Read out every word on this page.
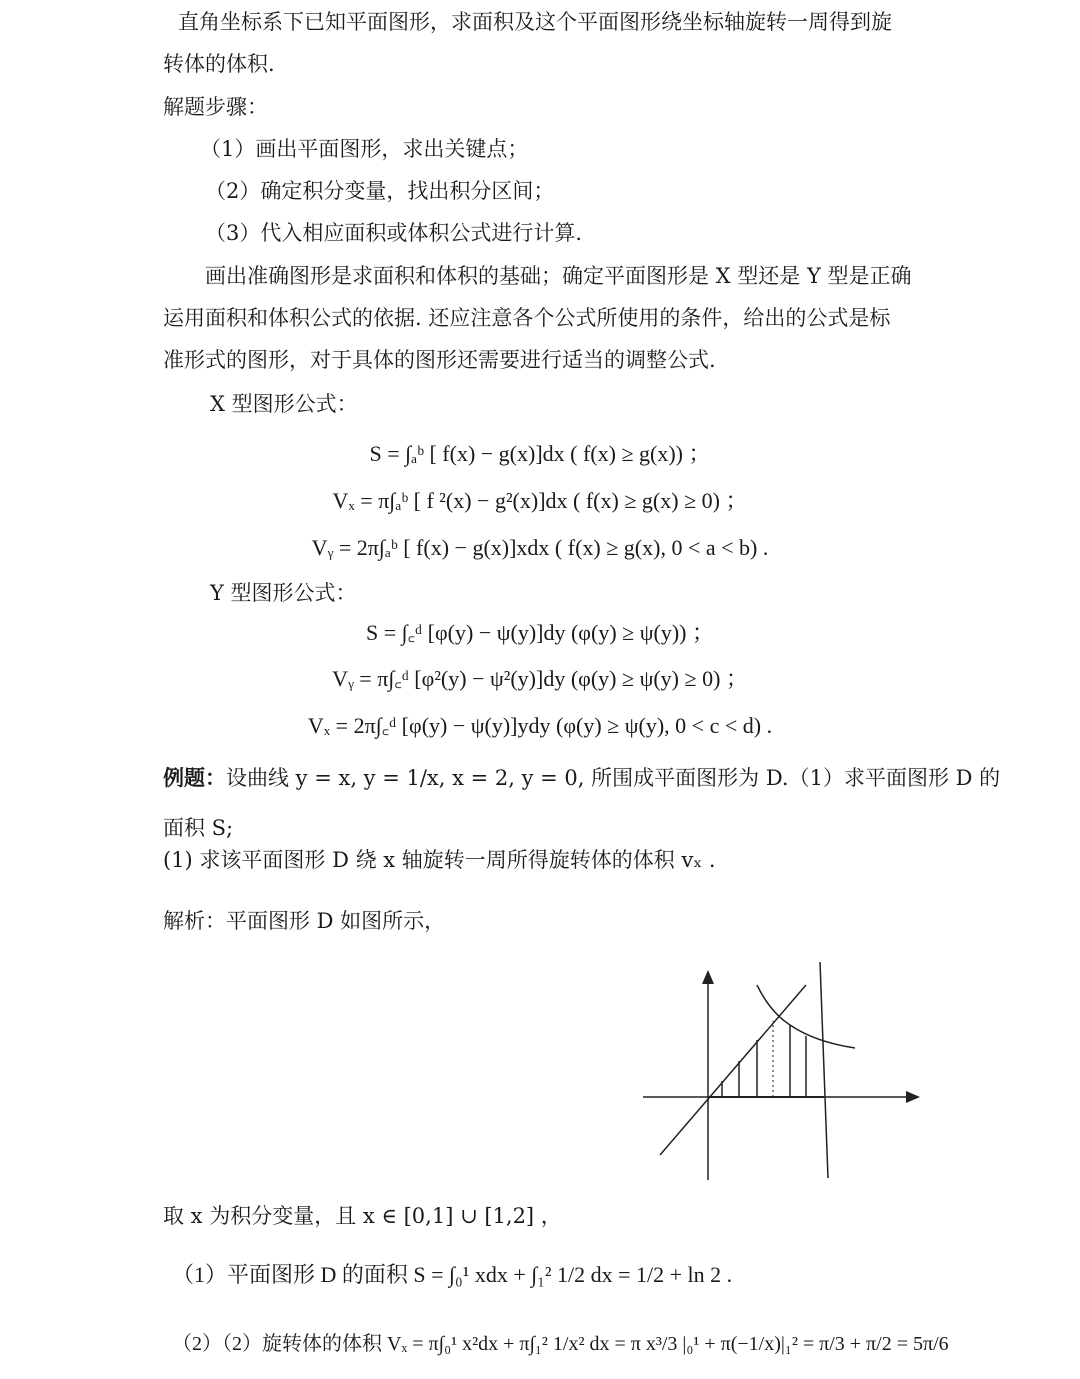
直角坐标系下已知平面图形，求面积及这个平面图形绕坐标轴旋转一周得到旋
转体的体积.
解题步骤：
（1）画出平面图形，求出关键点；
（2）确定积分变量，找出积分区间；
（3）代入相应面积或体积公式进行计算.
画出准确图形是求面积和体积的基础；确定平面图形是 X 型还是 Y 型是正确
运用面积和体积公式的依据. 还应注意各个公式所使用的条件，给出的公式是标
准形式的图形，对于具体的图形还需要进行适当的调整公式.
X 型图形公式：
S = ∫ₐᵇ [ f(x) − g(x)]dx ( f(x) ≥ g(x)) ；
Vₓ = π∫ₐᵇ [ f ²(x) − g²(x)]dx ( f(x) ≥ g(x) ≥ 0) ；
Vᵧ = 2π∫ₐᵇ [ f(x) − g(x)]xdx ( f(x) ≥ g(x), 0 < a < b) .
Y 型图形公式：
S = ∫꜀ᵈ [φ(y) − ψ(y)]dy (φ(y) ≥ ψ(y)) ；
Vᵧ = π∫꜀ᵈ [φ²(y) − ψ²(y)]dy (φ(y) ≥ ψ(y) ≥ 0) ；
Vₓ = 2π∫꜀ᵈ [φ(y) − ψ(y)]ydy (φ(y) ≥ ψ(y), 0 < c < d) .
例题：设曲线 y = x, y = 1/x, x = 2, y = 0, 所围成平面图形为 D.（1）求平面图形 D 的
面积 S;
(1) 求该平面图形 D 绕 x 轴旋转一周所得旋转体的体积 vₓ .
解析：平面图形 D 如图所示，
取 x 为积分变量，且 x ∈ [0,1] ∪ [1,2] ，
（1）平面图形 D 的面积 S = ∫₀¹ xdx + ∫₁² 1/2 dx = 1/2 + ln 2 .
（2）（2）旋转体的体积 Vₓ = π∫₀¹ x²dx + π∫₁² 1/x² dx = π x³/3 |₀¹ + π(−1/x)|₁² = π/3 + π/2 = 5π/6
